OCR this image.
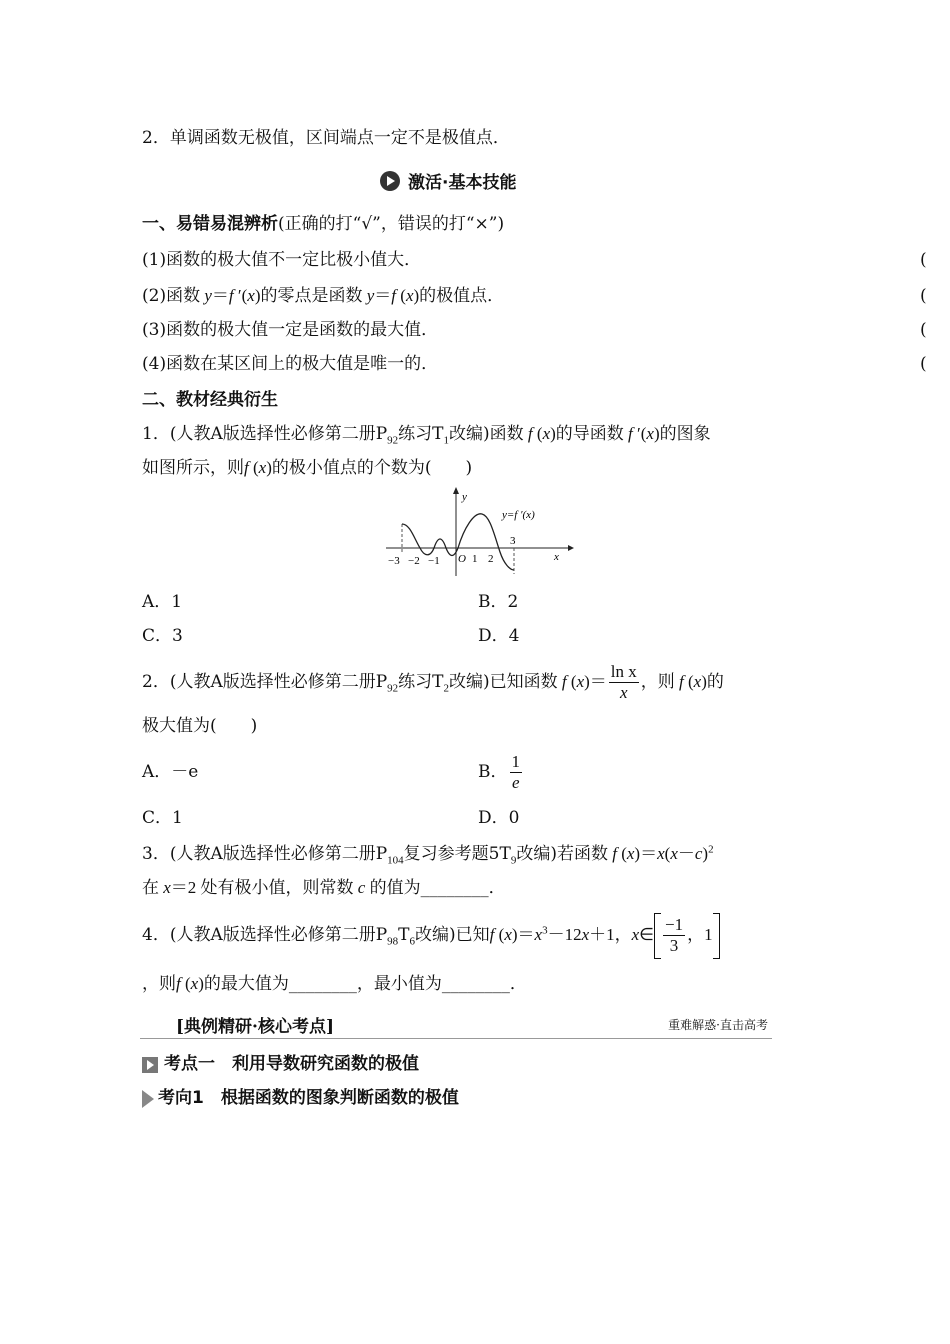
2．单调函数无极值，区间端点一定不是极值点．
激活·基本技能
一、易错易混辨析(正确的打“√”，错误的打“×”)
(1)函数的极大值不一定比极小值大．	(
(2)函数 y＝f ′(x)的零点是函数 y＝f (x)的极值点．	(
(3)函数的极大值一定是函数的最大值．	(
(4)函数在某区间上的极大值是唯一的．	(
二、教材经典衍生
1．(人教A版选择性必修第二册$P_{92}$练习$T_1$改编)函数 f (x)的导函数 f ′(x)的图象
如图所示，则f (x)的极小值点的个数为(　　)
y
x
y=f ′(x)
−3 −2 −1 O 1 2
3
A．1	B．2
C．3	D．4
2．(人教A版选择性必修第二册$P_{92}$练习$T_2$改编)已知函数 f $(x)= \frac{\text{ln x}}{x}$ ，则 f (x)的
极大值为(　　)
A．－e	B． $\frac{1}{e}$
C．1	D．0
3．(人教A版选择性必修第二册$P_{104}$复习参考题$5T_9$改编)若函数 f $(x)=x(x-c)^2$
在 x＝2 处有极小值，则常数 c 的值为________．
4．(人教A版选择性必修第二册$P_{98}T_6$改编)已知f $(x)=x^3-12x+1$，x∈ $\frac{-1}{3}$ ，1
，则f (x)的最大值为________，最小值为________．
[典例精研·核心考点]	重难解惑·直击高考
考点一　利用导数研究函数的极值
考向1　 根据函数的图象判断函数的极值
